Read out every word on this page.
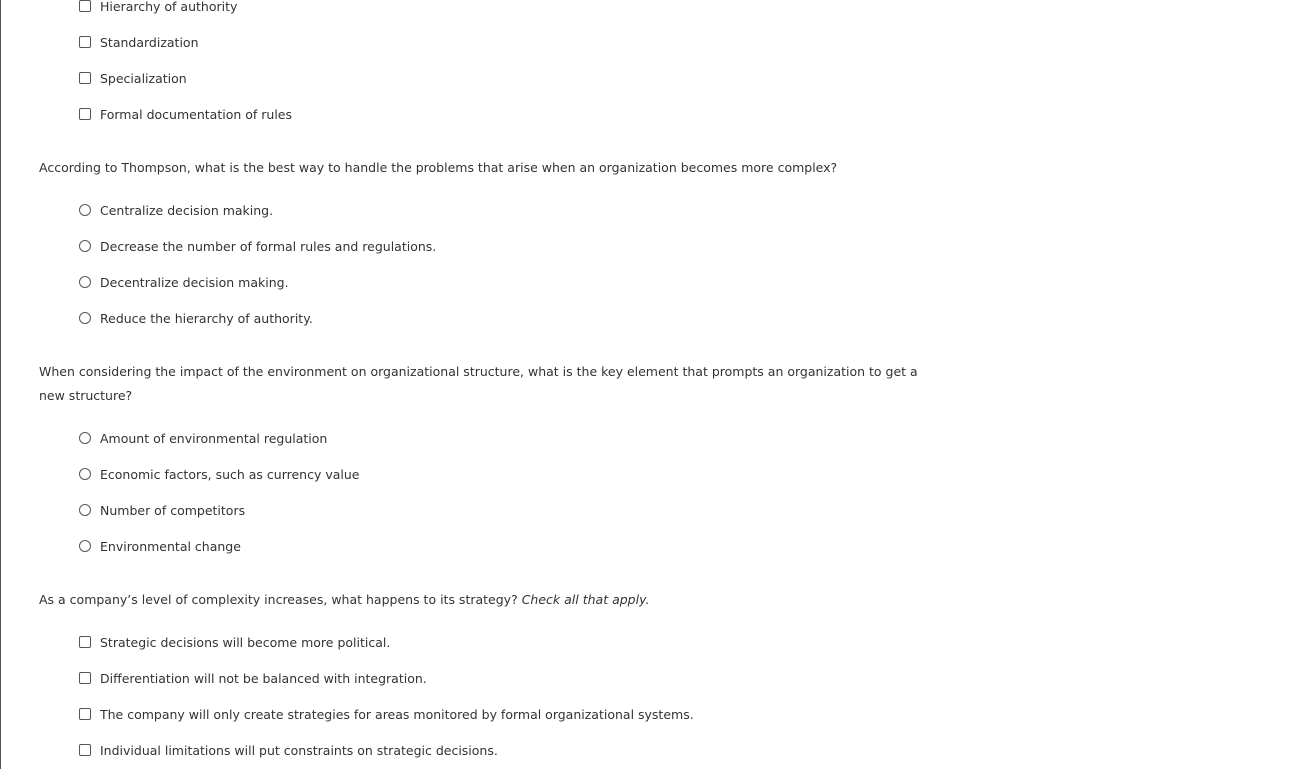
Hierarchy of authority
Standardization
Specialization
Formal documentation of rules
According to Thompson, what is the best way to handle the problems that arise when an organization becomes more complex?
Centralize decision making.
Decrease the number of formal rules and regulations.
Decentralize decision making.
Reduce the hierarchy of authority.
When considering the impact of the environment on organizational structure, what is the key element that prompts an organization to get a new structure?
Amount of environmental regulation
Economic factors, such as currency value
Number of competitors
Environmental change
As a company’s level of complexity increases, what happens to its strategy? Check all that apply.
Strategic decisions will become more political.
Differentiation will not be balanced with integration.
The company will only create strategies for areas monitored by formal organizational systems.
Individual limitations will put constraints on strategic decisions.
